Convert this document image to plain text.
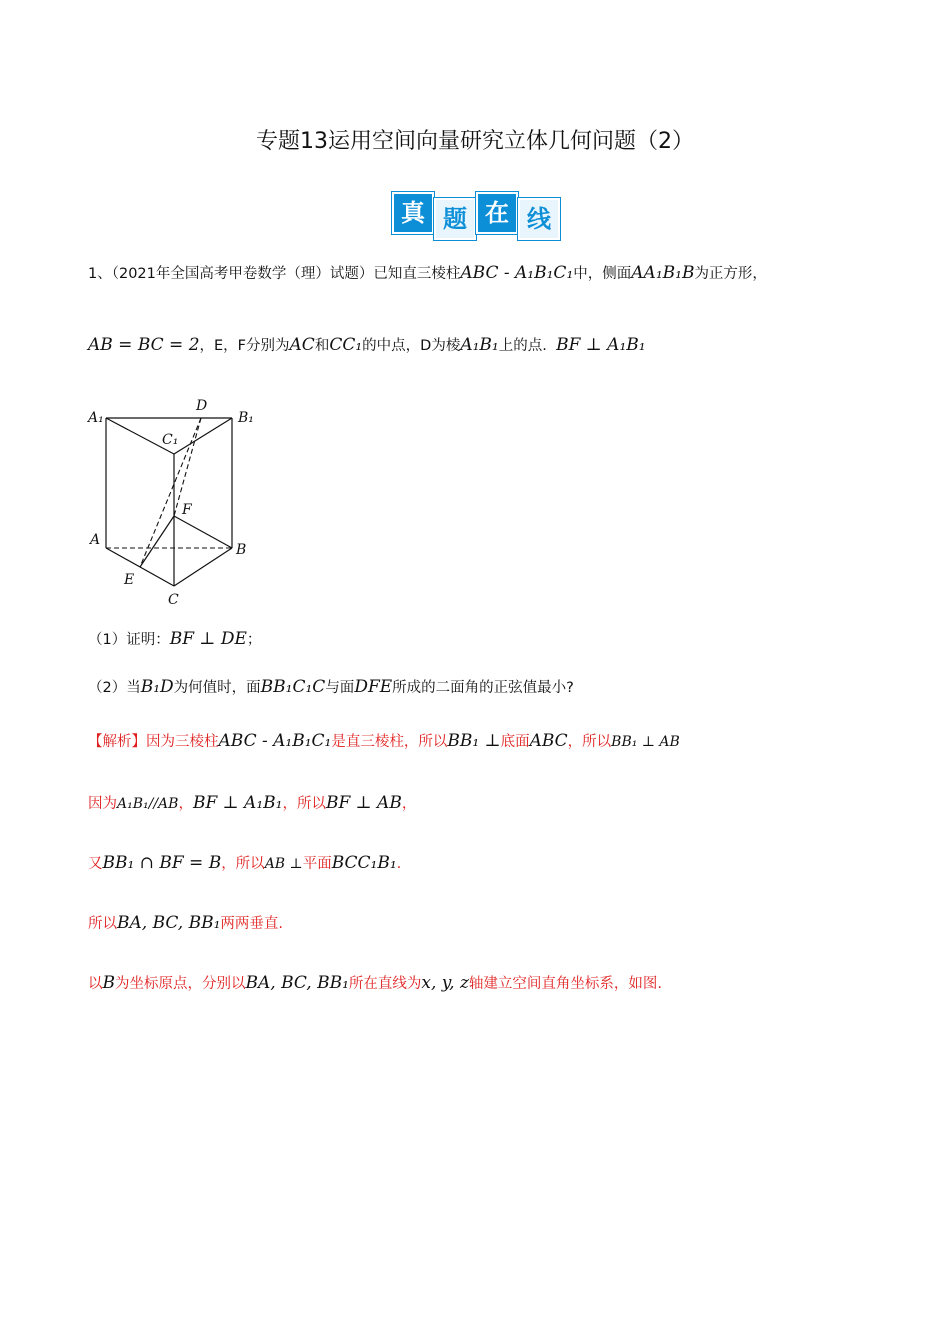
专题13运用空间向量研究立体几何问题（2）
真 题 在 线
1、（2021年全国高考甲卷数学（理）试题）已知直三棱柱ABC - A₁B₁C₁中，侧面AA₁B₁B为正方形，
AB = BC = 2，E，F分别为AC和CC₁的中点，D为棱A₁B₁上的点. BF ⊥ A₁B₁
A₁
D
B₁
C₁
F
A
B
E
C
（1）证明：BF ⊥ DE；
（2）当B₁D为何值时，面BB₁C₁C与面DFE所成的二面角的正弦值最小?
【解析】因为三棱柱ABC - A₁B₁C₁是直三棱柱，所以BB₁ ⊥底面ABC，所以BB₁ ⊥ AB
因为A₁B₁//AB，BF ⊥ A₁B₁，所以BF ⊥ AB，
又BB₁ ∩ BF = B，所以AB ⊥平面BCC₁B₁.
所以BA, BC, BB₁两两垂直.
以B为坐标原点，分别以BA, BC, BB₁所在直线为x, y, z轴建立空间直角坐标系，如图.
